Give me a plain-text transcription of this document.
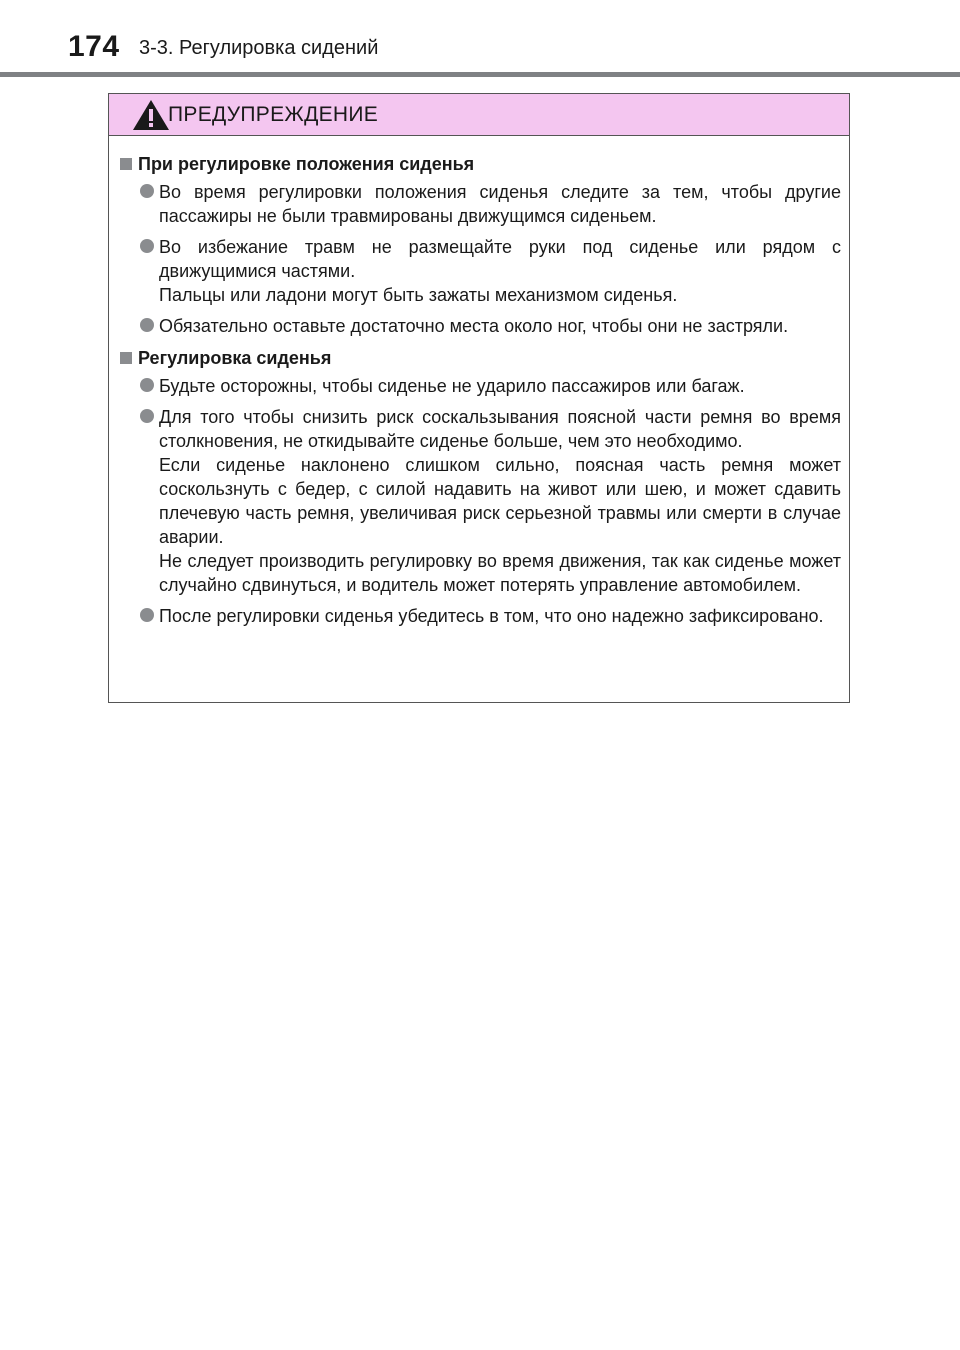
174 3-3. Регулировка сидений
ПРЕДУПРЕЖДЕНИЕ
При регулировке положения сиденья

Во время регулировки положения сиденья следите за тем, чтобы другие пассажиры не были травмированы движущимся сиденьем.

Во избежание травм не размещайте руки под сиденье или рядом с движущимися частями.

Пальцы или ладони могут быть зажаты механизмом сиденья.

Обязательно оставьте достаточно места около ног, чтобы они не застряли.

Регулировка сиденья

Будьте осторожны, чтобы сиденье не ударило пассажиров или багаж.

Для того чтобы снизить риск соскальзывания поясной части ремня во время столкновения, не откидывайте сиденье больше, чем это необходимо.

Если сиденье наклонено слишком сильно, поясная часть ремня может соскользнуть с бедер, с силой надавить на живот или шею, и может сдавить плечевую часть ремня, увеличивая риск серьезной травмы или смерти в случае аварии.

Не следует производить регулировку во время движения, так как сиденье может случайно сдвинуться, и водитель может потерять управление автомобилем.

После регулировки сиденья убедитесь в том, что оно надежно зафиксировано.
